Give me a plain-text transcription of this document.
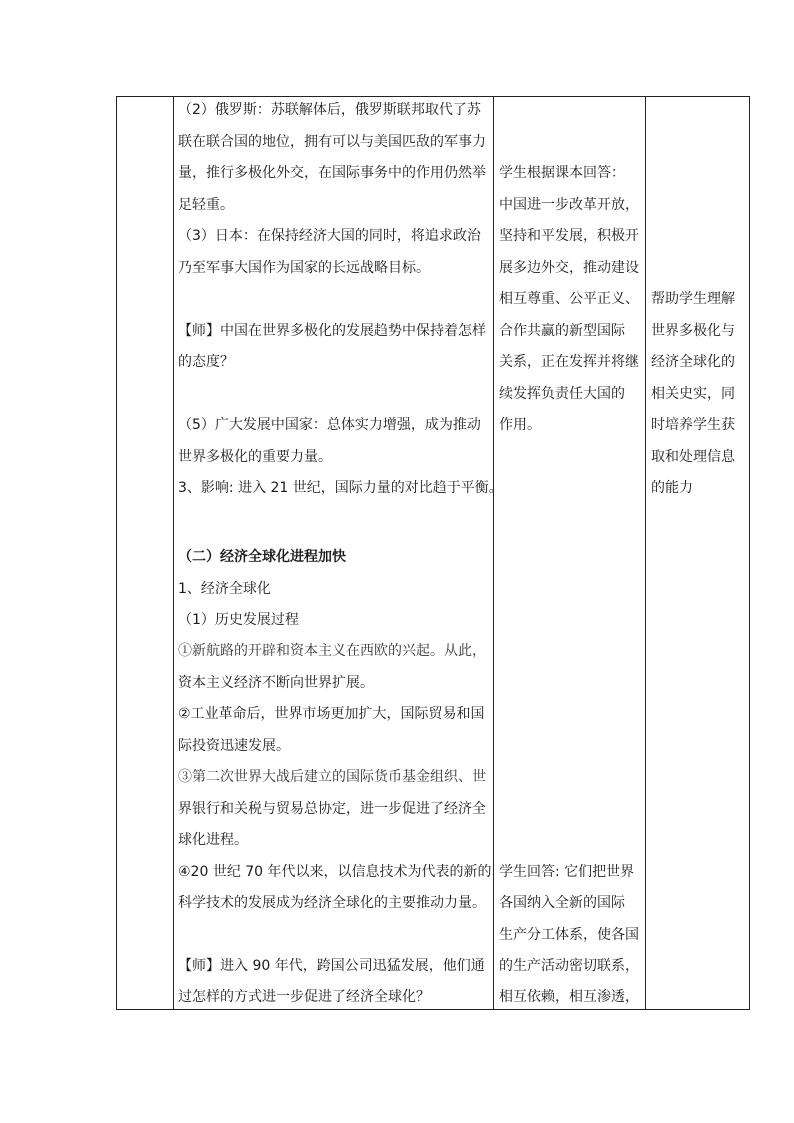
（2）俄罗斯：苏联解体后，俄罗斯联邦取代了苏
联在联合国的地位，拥有可以与美国匹敌的军事力
量，推行多极化外交，在国际事务中的作用仍然举
足轻重。
（3）日本：在保持经济大国的同时，将追求政治
乃至军事大国作为国家的长远战略目标。
【师】中国在世界多极化的发展趋势中保持着怎样
的态度？
（5）广大发展中国家：总体实力增强，成为推动
世界多极化的重要力量。
3、影响: 进入 21 世纪，国际力量的对比趋于平衡。
（二）经济全球化进程加快
1、经济全球化
（1）历史发展过程
①新航路的开辟和资本主义在西欧的兴起。从此，
资本主义经济不断向世界扩展。
②工业革命后，世界市场更加扩大，国际贸易和国
际投资迅速发展。
③第二次世界大战后建立的国际货币基金组织、世
界银行和关税与贸易总协定，进一步促进了经济全
球化进程。
④20 世纪 70 年代以来，以信息技术为代表的新的
科学技术的发展成为经济全球化的主要推动力量。
【师】进入 90 年代，跨国公司迅猛发展，他们通
过怎样的方式进一步促进了经济全球化？
学生根据课本回答：
中国进一步改革开放，
坚持和平发展，积极开
展多边外交，推动建设
相互尊重、公平正义、
合作共赢的新型国际
关系，正在发挥并将继
续发挥负责任大国的
作用。
学生回答: 它们把世界
各国纳入全新的国际
生产分工体系，使各国
的生产活动密切联系，
相互依赖，相互渗透，
帮助学生理解
世界多极化与
经济全球化的
相关史实，同
时培养学生获
取和处理信息
的能力
